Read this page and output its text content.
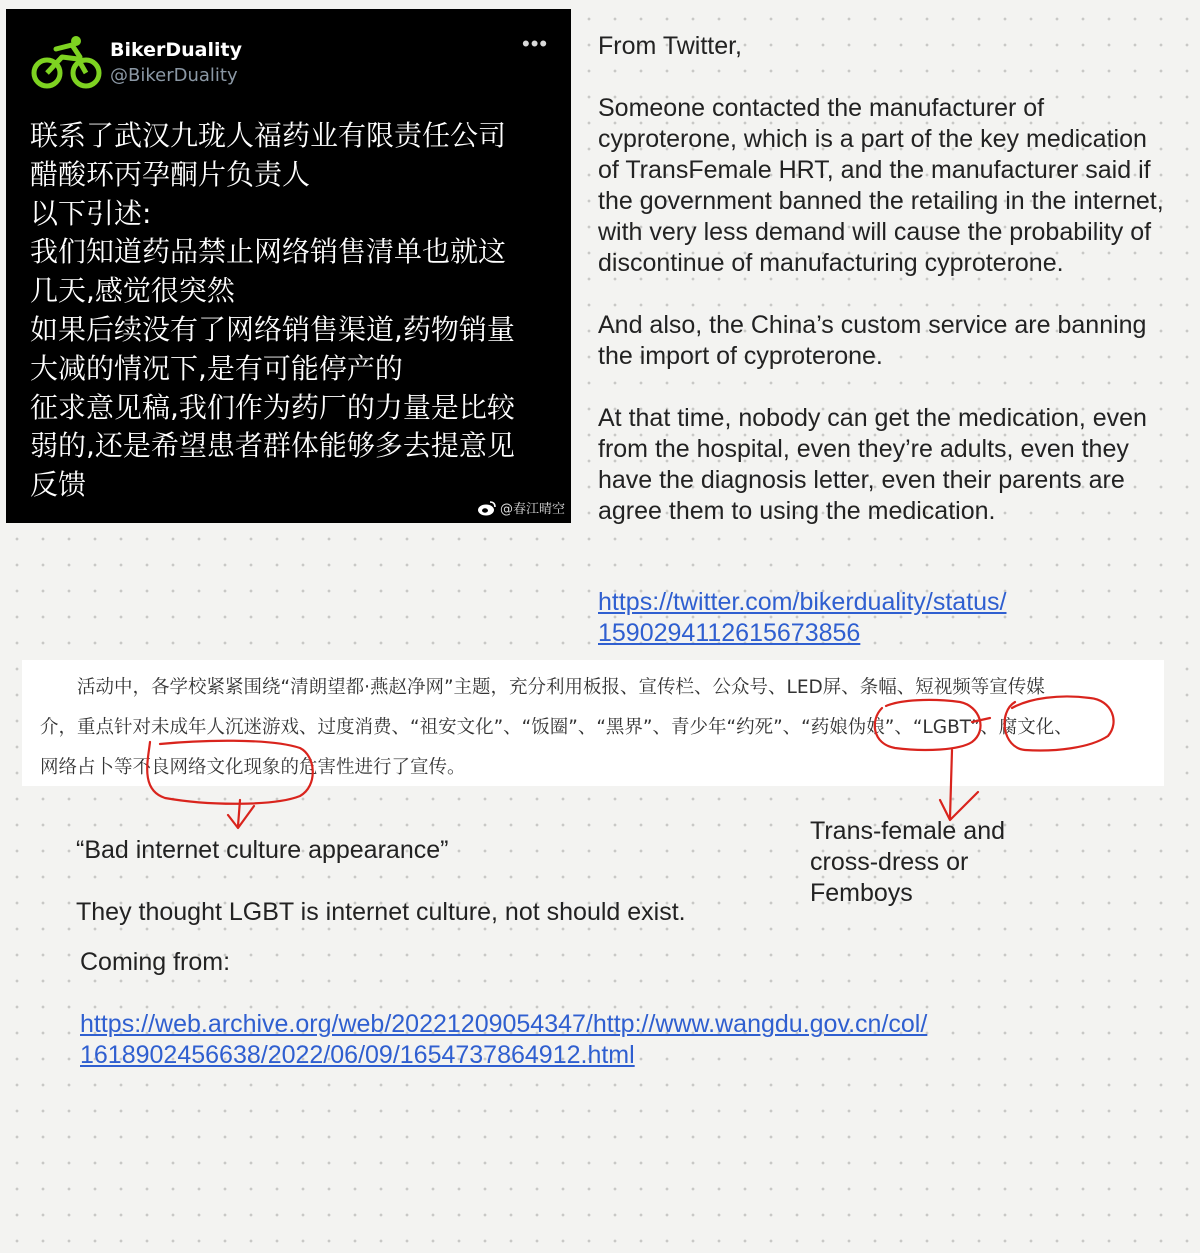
BikerDuality
@BikerDuality
•••
联系了武汉九珑人福药业有限责任公司
醋酸环丙孕酮片负责人
以下引述:
我们知道药品禁止网络销售清单也就这
几天,感觉很突然
如果后续没有了网络销售渠道,药物销量
大减的情况下,是有可能停产的
征求意见稿,我们作为药厂的力量是比较
弱的,还是希望患者群体能够多去提意见
反馈
@春江晴空

From Twitter,

Someone contacted the manufacturer of
cyproterone, which is a part of the key medication
of TransFemale HRT, and the manufacturer said if
the government banned the retailing in the internet,
with very less demand will cause the probability of
discontinue of manufacturing cyproterone.

And also, the China’s custom service are banning
the import of cyproterone.

At that time, nobody can get the medication, even
from the hospital, even they’re adults, even they
have the diagnosis letter, even their parents are
agree them to using the medication.

https://twitter.com/bikerduality/status/
1590294112615673856
　　活动中，各学校紧紧围绕“清朗望都·燕赵净网”主题，充分利用板报、宣传栏、公众号、LED屏、条幅、短视频等宣传媒
介，重点针对未成年人沉迷游戏、过度消费、“祖安文化”、“饭圈”、“黑界”、青少年“约死”、“药娘伪娘”、“LGBT”、腐文化、
网络占卜等不良网络文化现象的危害性进行了宣传。
“Bad internet culture appearance”
Trans-female and
cross-dress or
Femboys
They thought LGBT is internet culture, not should exist.
Coming from:
https://web.archive.org/web/20221209054347/http://www.wangdu.gov.cn/col/
1618902456638/2022/06/09/1654737864912.html
